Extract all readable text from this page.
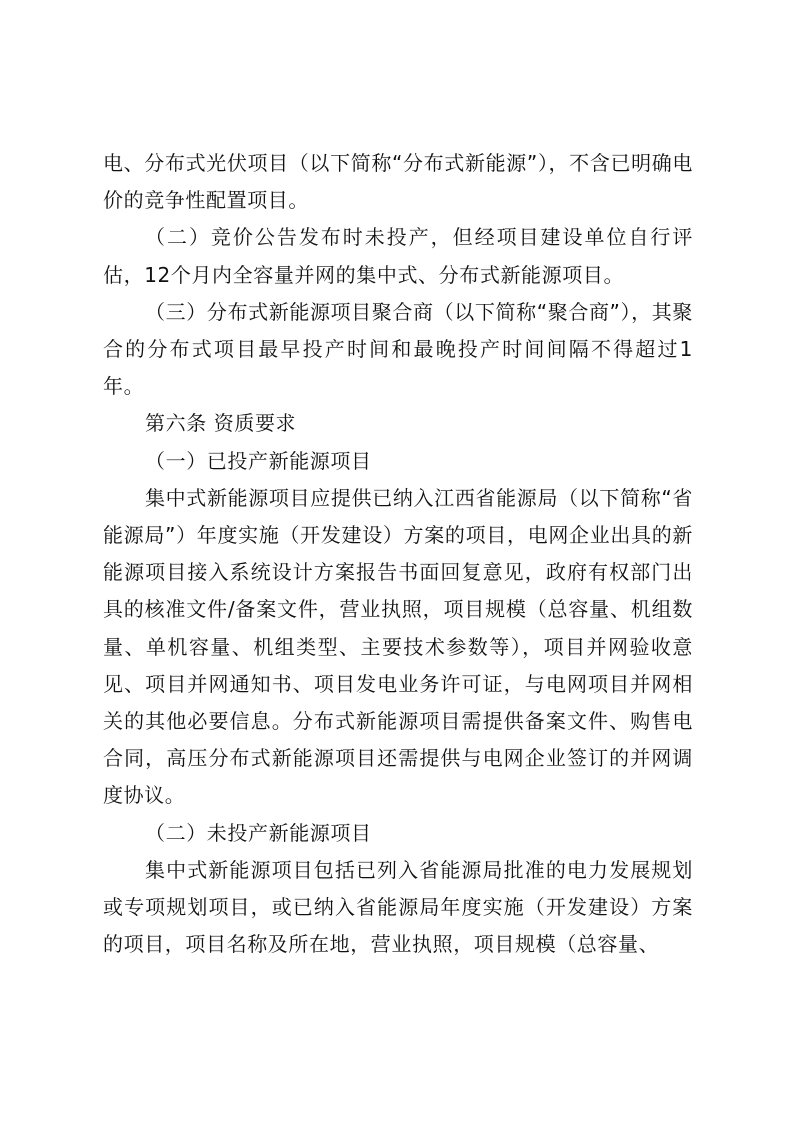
电、分布式光伏项目（以下简称“分布式新能源”），不含已明确电价的竞争性配置项目。

（二）竞价公告发布时未投产，但经项目建设单位自行评估，12个月内全容量并网的集中式、分布式新能源项目。

（三）分布式新能源项目聚合商（以下简称“聚合商”），其聚合的分布式项目最早投产时间和最晚投产时间间隔不得超过1年。

第六条 资质要求

（一）已投产新能源项目

集中式新能源项目应提供已纳入江西省能源局（以下简称“省能源局”）年度实施（开发建设）方案的项目，电网企业出具的新能源项目接入系统设计方案报告书面回复意见，政府有权部门出具的核准文件/备案文件，营业执照，项目规模（总容量、机组数量、单机容量、机组类型、主要技术参数等），项目并网验收意见、项目并网通知书、项目发电业务许可证，与电网项目并网相关的其他必要信息。分布式新能源项目需提供备案文件、购售电合同，高压分布式新能源项目还需提供与电网企业签订的并网调度协议。

（二）未投产新能源项目

集中式新能源项目包括已列入省能源局批准的电力发展规划或专项规划项目，或已纳入省能源局年度实施（开发建设）方案的项目，项目名称及所在地，营业执照，项目规模（总容量、
